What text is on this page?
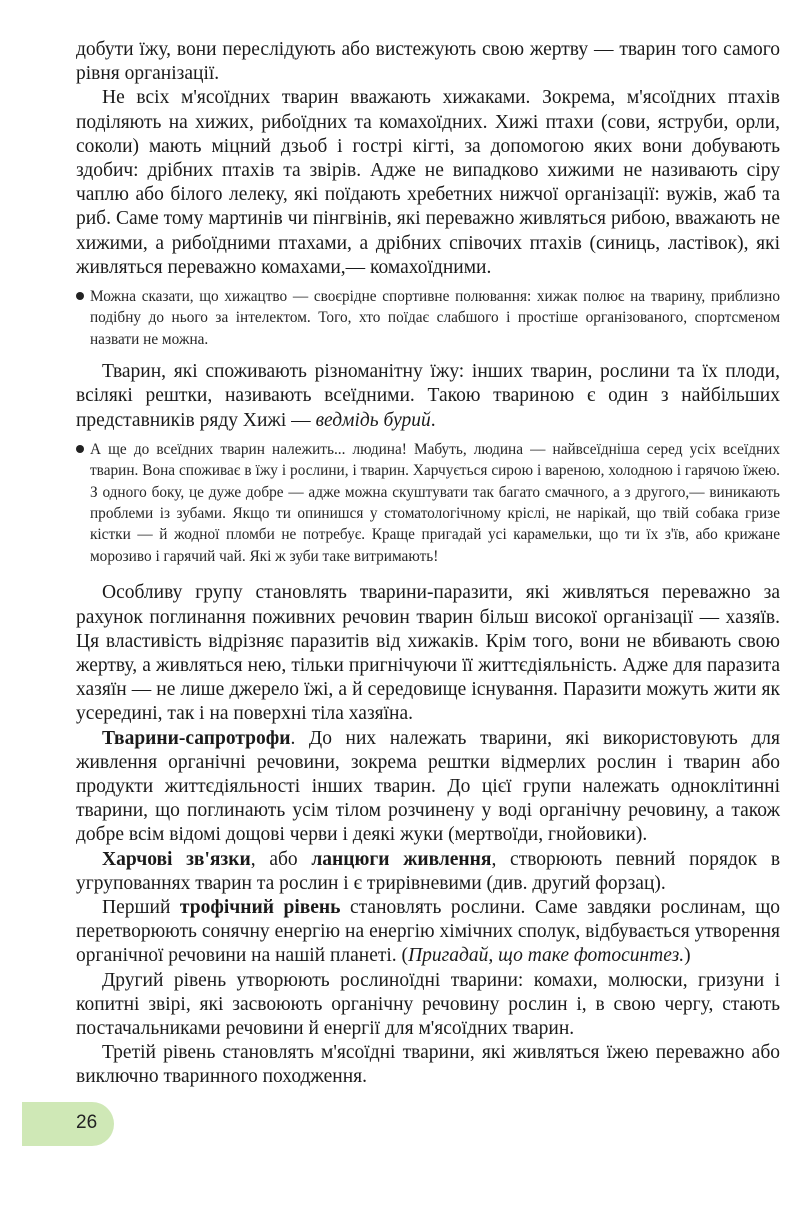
добути їжу, вони переслідують або вистежують свою жертву — тварин того самого рівня організації.

Не всіх м'ясоїдних тварин вважають хижаками. Зокрема, м'ясоїдних птахів поділяють на хижих, рибоїдних та комахоїдних. Хижі птахи (сови, яструби, орли, соколи) мають міцний дзьоб і гострі кігті, за допомогою яких вони добувають здобич: дрібних птахів та звірів. Адже не випадково хижими не називають сіру чаплю або білого лелеку, які поїдають хребетних нижчої організації: вужів, жаб та риб. Саме тому мартинів чи пінгвінів, які переважно живляться рибою, вважають не хижими, а рибоїдними птахами, а дрібних співочих птахів (синиць, ластівок), які живляться переважно комахами,— комахоїдними.

Можна сказати, що хижацтво — своєрідне спортивне полювання: хижак полює на тварину, приблизно подібну до нього за інтелектом. Того, хто поїдає слабшого і простіше організованого, спортсменом назвати не можна.

Тварин, які споживають різноманітну їжу: інших тварин, рослини та їх плоди, всілякі рештки, називають всеїдними. Такою твариною є один з найбільших представників ряду Хижі — ведмідь бурий.

А ще до всеїдних тварин належить... людина! Мабуть, людина — найвсеїдніша серед усіх всеїдних тварин. Вона споживає в їжу і рослини, і тварин. Харчується сирою і вареною, холодною і гарячою їжею. З одного боку, це дуже добре — адже можна скуштувати так багато смачного, а з другого,— виникають проблеми із зубами. Якщо ти опинишся у стоматологічному кріслі, не нарікай, що твій собака гризе кістки — й жодної пломби не потребує. Краще пригадай усі карамельки, що ти їх з'їв, або крижане морозиво і гарячий чай. Які ж зуби таке витримають!

Особливу групу становлять тварини-паразити, які живляться переважно за рахунок поглинання поживних речовин тварин більш високої організації — хазяїв. Ця властивість відрізняє паразитів від хижаків. Крім того, вони не вбивають свою жертву, а живляться нею, тільки пригнічуючи її життєдіяльність. Адже для паразита хазяїн — не лише джерело їжі, а й середовище існування. Паразити можуть жити як усередині, так і на поверхні тіла хазяїна.

Тварини-сапротрофи. До них належать тварини, які використовують для живлення органічні речовини, зокрема рештки відмерлих рослин і тварин або продукти життєдіяльності інших тварин. До цієї групи належать одноклітинні тварини, що поглинають усім тілом розчинену у воді органічну речовину, а також добре всім відомі дощові черви і деякі жуки (мертвоїди, гнойовики).

Харчові зв'язки, або ланцюги живлення, створюють певний порядок в угрупованнях тварин та рослин і є трирівневими (див. другий форзац).

Перший трофічний рівень становлять рослини. Саме завдяки рослинам, що перетворюють сонячну енергію на енергію хімічних сполук, відбувається утворення органічної речовини на нашій планеті. (Пригадай, що таке фотосинтез.)

Другий рівень утворюють рослиноїдні тварини: комахи, молюски, гризуни і копитні звірі, які засвоюють органічну речовину рослин і, в свою чергу, стають постачальниками речовини й енергії для м'ясоїдних тварин.

Третій рівень становлять м'ясоїдні тварини, які живляться їжею переважно або виключно тваринного походження.

26
